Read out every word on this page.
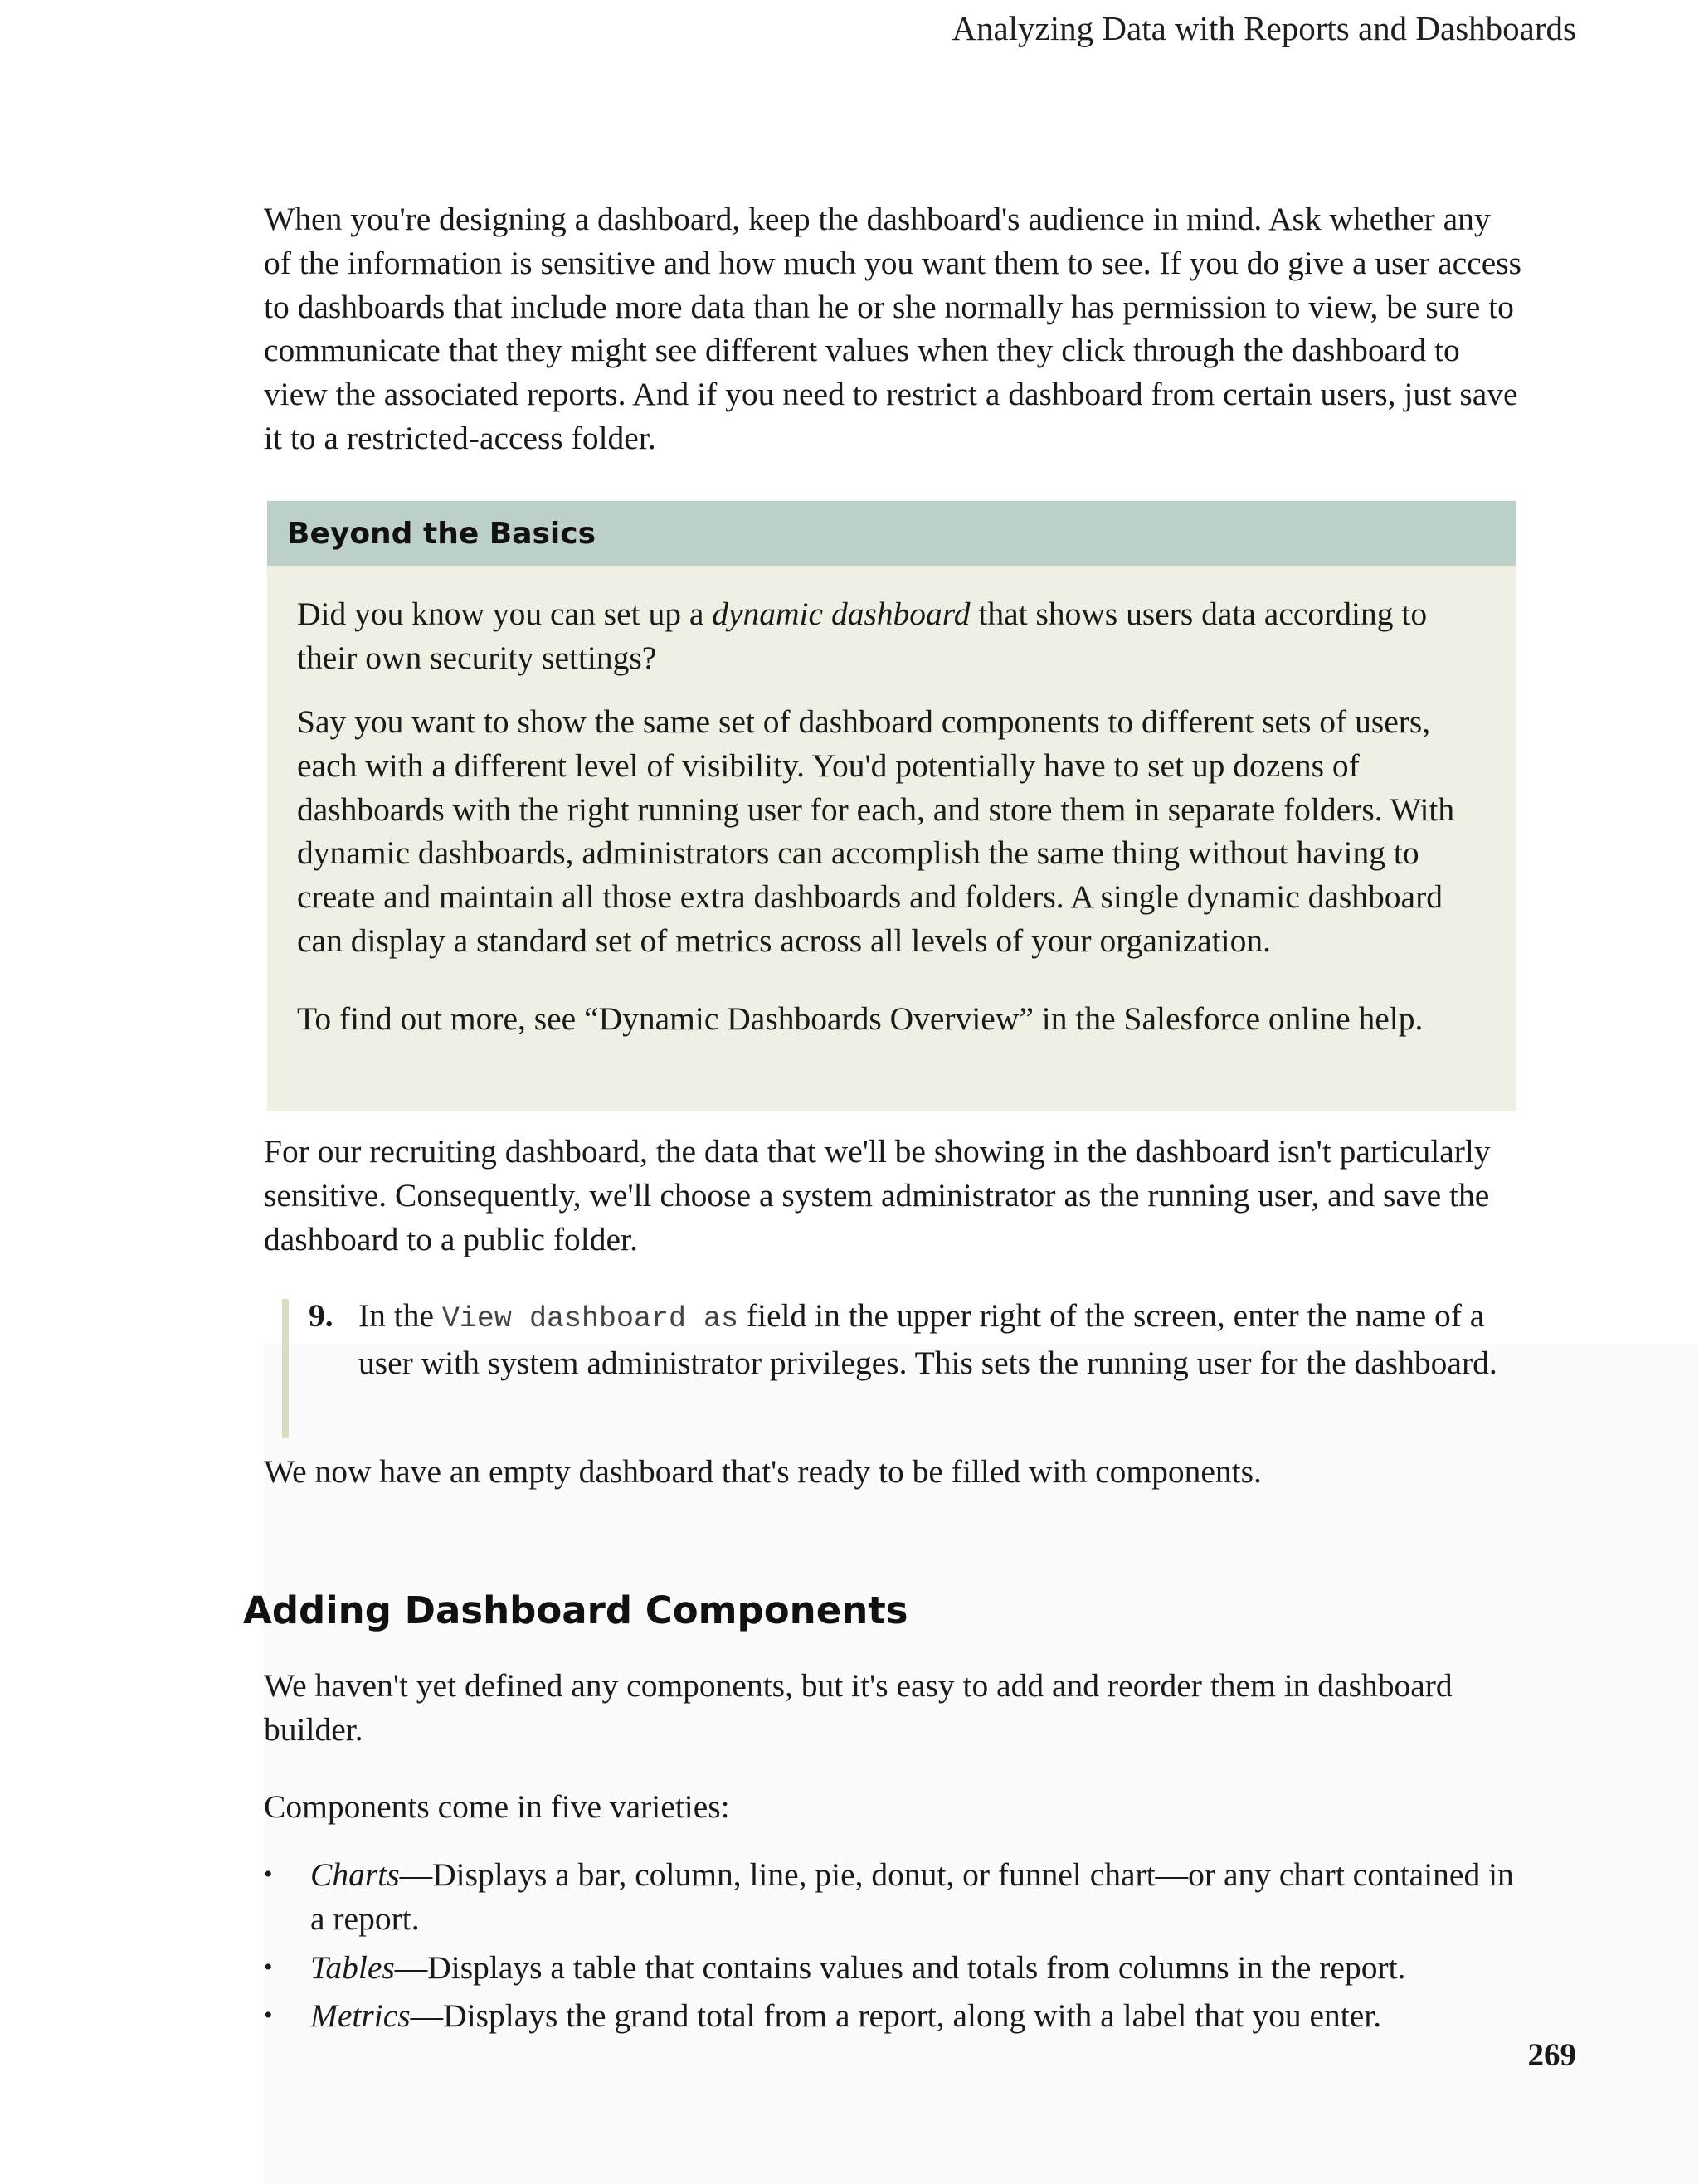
Analyzing Data with Reports and Dashboards

When you're designing a dashboard, keep the dashboard's audience in mind. Ask whether any of the information is sensitive and how much you want them to see. If you do give a user access to dashboards that include more data than he or she normally has permission to view, be sure to communicate that they might see different values when they click through the dashboard to view the associated reports. And if you need to restrict a dashboard from certain users, just save it to a restricted-access folder.

Beyond the Basics

Did you know you can set up a dynamic dashboard that shows users data according to their own security settings?

Say you want to show the same set of dashboard components to different sets of users, each with a different level of visibility. You'd potentially have to set up dozens of dashboards with the right running user for each, and store them in separate folders. With dynamic dashboards, administrators can accomplish the same thing without having to create and maintain all those extra dashboards and folders. A single dynamic dashboard can display a standard set of metrics across all levels of your organization.

To find out more, see “Dynamic Dashboards Overview” in the Salesforce online help.

For our recruiting dashboard, the data that we'll be showing in the dashboard isn't particularly sensitive. Consequently, we'll choose a system administrator as the running user, and save the dashboard to a public folder.

9. In the View dashboard as field in the upper right of the screen, enter the name of a user with system administrator privileges. This sets the running user for the dashboard.

We now have an empty dashboard that's ready to be filled with components.

Adding Dashboard Components

We haven't yet defined any components, but it's easy to add and reorder them in dashboard builder.

Components come in five varieties:

• Charts—Displays a bar, column, line, pie, donut, or funnel chart—or any chart contained in a report.
• Tables—Displays a table that contains values and totals from columns in the report.
• Metrics—Displays the grand total from a report, along with a label that you enter.
269
